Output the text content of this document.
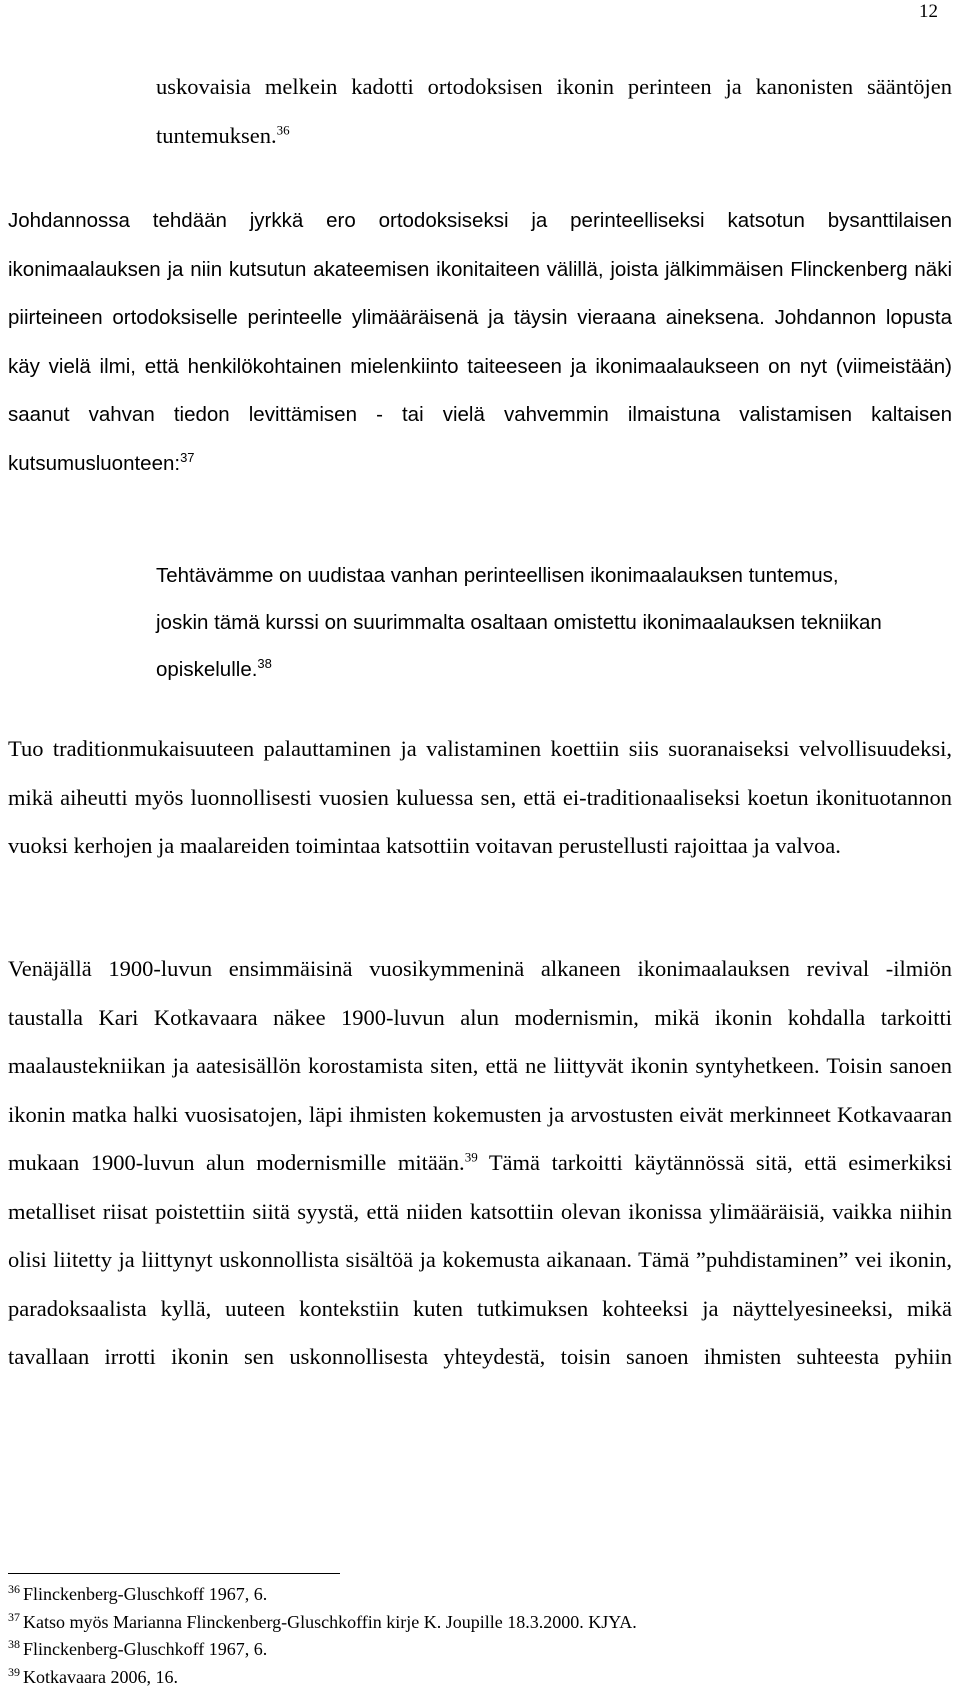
12

uskovaisia melkein kadotti ortodoksisen ikonin perinteen ja kanonisten sääntöjen tuntemuksen.$^{36}$

Johdannossa tehdään jyrkkä ero ortodoksiseksi ja perinteelliseksi katsotun bysanttilaisen ikonimaalauksen ja niin kutsutun akateemisen ikonitaiteen välillä, joista jälkimmäisen Flinckenberg näki piirteineen ortodoksiselle perinteelle ylimääräisenä ja täysin vieraana aineksena. Johdannon lopusta käy vielä ilmi, että henkilökohtainen mielenkiinto taiteeseen ja ikonimaalaukseen on nyt (viimeistään) saanut vahvan tiedon levittämisen - tai vielä vahvemmin ilmaistuna valistamisen kaltaisen kutsumusluonteen:$^{37}$

Tehtävämme on uudistaa vanhan perinteellisen ikonimaalauksen tuntemus, joskin tämä kurssi on suurimmalta osaltaan omistettu ikonimaalauksen tekniikan opiskelulle.$^{38}$

Tuo traditionmukaisuuteen palauttaminen ja valistaminen koettiin siis suoranaiseksi velvollisuudeksi, mikä aiheutti myös luonnollisesti vuosien kuluessa sen, että ei-traditionaaliseksi koetun ikonituotannon vuoksi kerhojen ja maalareiden toimintaa katsottiin voitavan perustellusti rajoittaa ja valvoa.

Venäjällä 1900-luvun ensimmäisinä vuosikymmeninä alkaneen ikonimaalauksen revival -ilmiön taustalla Kari Kotkavaara näkee 1900-luvun alun modernismin, mikä ikonin kohdalla tarkoitti maalaustekniikan ja aatesisällön korostamista siten, että ne liittyvät ikonin syntyhetkeen. Toisin sanoen ikonin matka halki vuosisatojen, läpi ihmisten kokemusten ja arvostusten eivät merkinneet Kotkavaaran mukaan 1900-luvun alun modernismille mitään.$^{39}$ Tämä tarkoitti käytännössä sitä, että esimerkiksi metalliset riisat poistettiin siitä syystä, että niiden katsottiin olevan ikonissa ylimääräisiä, vaikka niihin olisi liitetty ja liittynyt uskonnollista sisältöä ja kokemusta aikanaan. Tämä ”puhdistaminen” vei ikonin, paradoksaalista kyllä, uuteen kontekstiin kuten tutkimuksen kohteeksi ja näyttelyesineeksi, mikä tavallaan irrotti ikonin sen uskonnollisesta yhteydestä, toisin sanoen ihmisten suhteesta pyhiin

$^{36}$ Flinckenberg-Gluschkoff 1967, 6.
$^{37}$ Katso myös Marianna Flinckenberg-Gluschkoffin kirje K. Joupille 18.3.2000. KJYA.
$^{38}$ Flinckenberg-Gluschkoff 1967, 6.
$^{39}$ Kotkavaara 2006, 16.
